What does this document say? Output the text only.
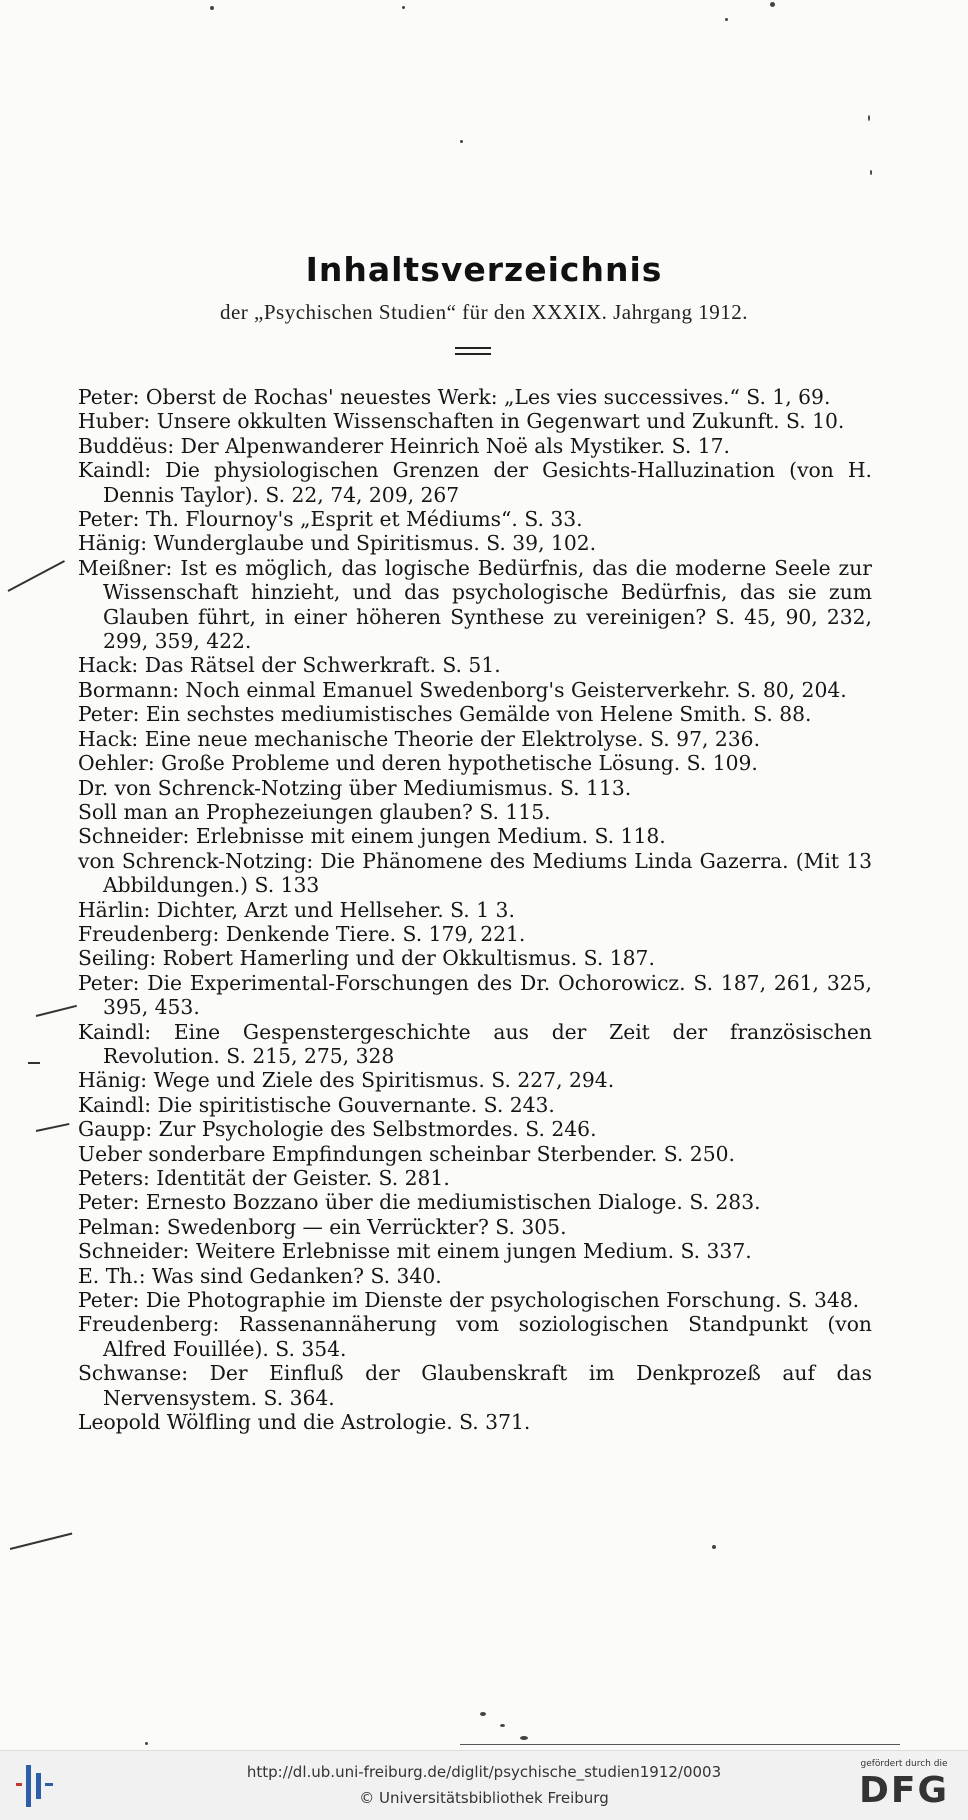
Inhaltsverzeichnis
der „Psychischen Studien“ für den XXXIX. Jahrgang 1912.
Peter: Oberst de Rochas' neuestes Werk: „Les vies successives.“ S. 1, 69.
Huber: Unsere okkulten Wissenschaften in Gegenwart und Zukunft. S. 10.
Buddëus: Der Alpenwanderer Heinrich Noë als Mystiker. S. 17.
Kaindl: Die physiologischen Grenzen der Gesichts-Halluzination (von H. Dennis Taylor). S. 22, 74, 209, 267
Peter: Th. Flournoy's „Esprit et Médiums“. S. 33.
Hänig: Wunderglaube und Spiritismus. S. 39, 102.
Meißner: Ist es möglich, das logische Bedürfnis, das die moderne Seele zur Wissenschaft hinzieht, und das psychologische Bedürfnis, das sie zum Glauben führt, in einer höheren Synthese zu vereinigen? S. 45, 90, 232, 299, 359, 422.
Hack: Das Rätsel der Schwerkraft. S. 51.
Bormann: Noch einmal Emanuel Swedenborg's Geisterverkehr. S. 80, 204.
Peter: Ein sechstes mediumistisches Gemälde von Helene Smith. S. 88.
Hack: Eine neue mechanische Theorie der Elektrolyse. S. 97, 236.
Oehler: Große Probleme und deren hypothetische Lösung. S. 109.
Dr. von Schrenck-Notzing über Mediumismus. S. 113.
Soll man an Prophezeiungen glauben? S. 115.
Schneider: Erlebnisse mit einem jungen Medium. S. 118.
von Schrenck-Notzing: Die Phänomene des Mediums Linda Gazerra. (Mit 13 Abbildungen.) S. 133
Härlin: Dichter, Arzt und Hellseher. S. 1 3.
Freudenberg: Denkende Tiere. S. 179, 221.
Seiling: Robert Hamerling und der Okkultismus. S. 187.
Peter: Die Experimental-Forschungen des Dr. Ochorowicz. S. 187, 261, 325, 395, 453.
Kaindl: Eine Gespenstergeschichte aus der Zeit der französischen Revolution. S. 215, 275, 328
Hänig: Wege und Ziele des Spiritismus. S. 227, 294.
Kaindl: Die spiritistische Gouvernante. S. 243.
Gaupp: Zur Psychologie des Selbstmordes. S. 246.
Ueber sonderbare Empfindungen scheinbar Sterbender. S. 250.
Peters: Identität der Geister. S. 281.
Peter: Ernesto Bozzano über die mediumistischen Dialoge. S. 283.
Pelman: Swedenborg — ein Verrückter? S. 305.
Schneider: Weitere Erlebnisse mit einem jungen Medium. S. 337.
E. Th.: Was sind Gedanken? S. 340.
Peter: Die Photographie im Dienste der psychologischen Forschung. S. 348.
Freudenberg: Rassenannäherung vom soziologischen Standpunkt (von Alfred Fouillée). S. 354.
Schwanse: Der Einfluß der Glaubenskraft im Denkprozeß auf das Nervensystem. S. 364.
Leopold Wölfling und die Astrologie. S. 371.
http://dl.ub.uni-freiburg.de/diglit/psychische_studien1912/0003
© Universitätsbibliothek Freiburg
gefördert durch die
DFG
